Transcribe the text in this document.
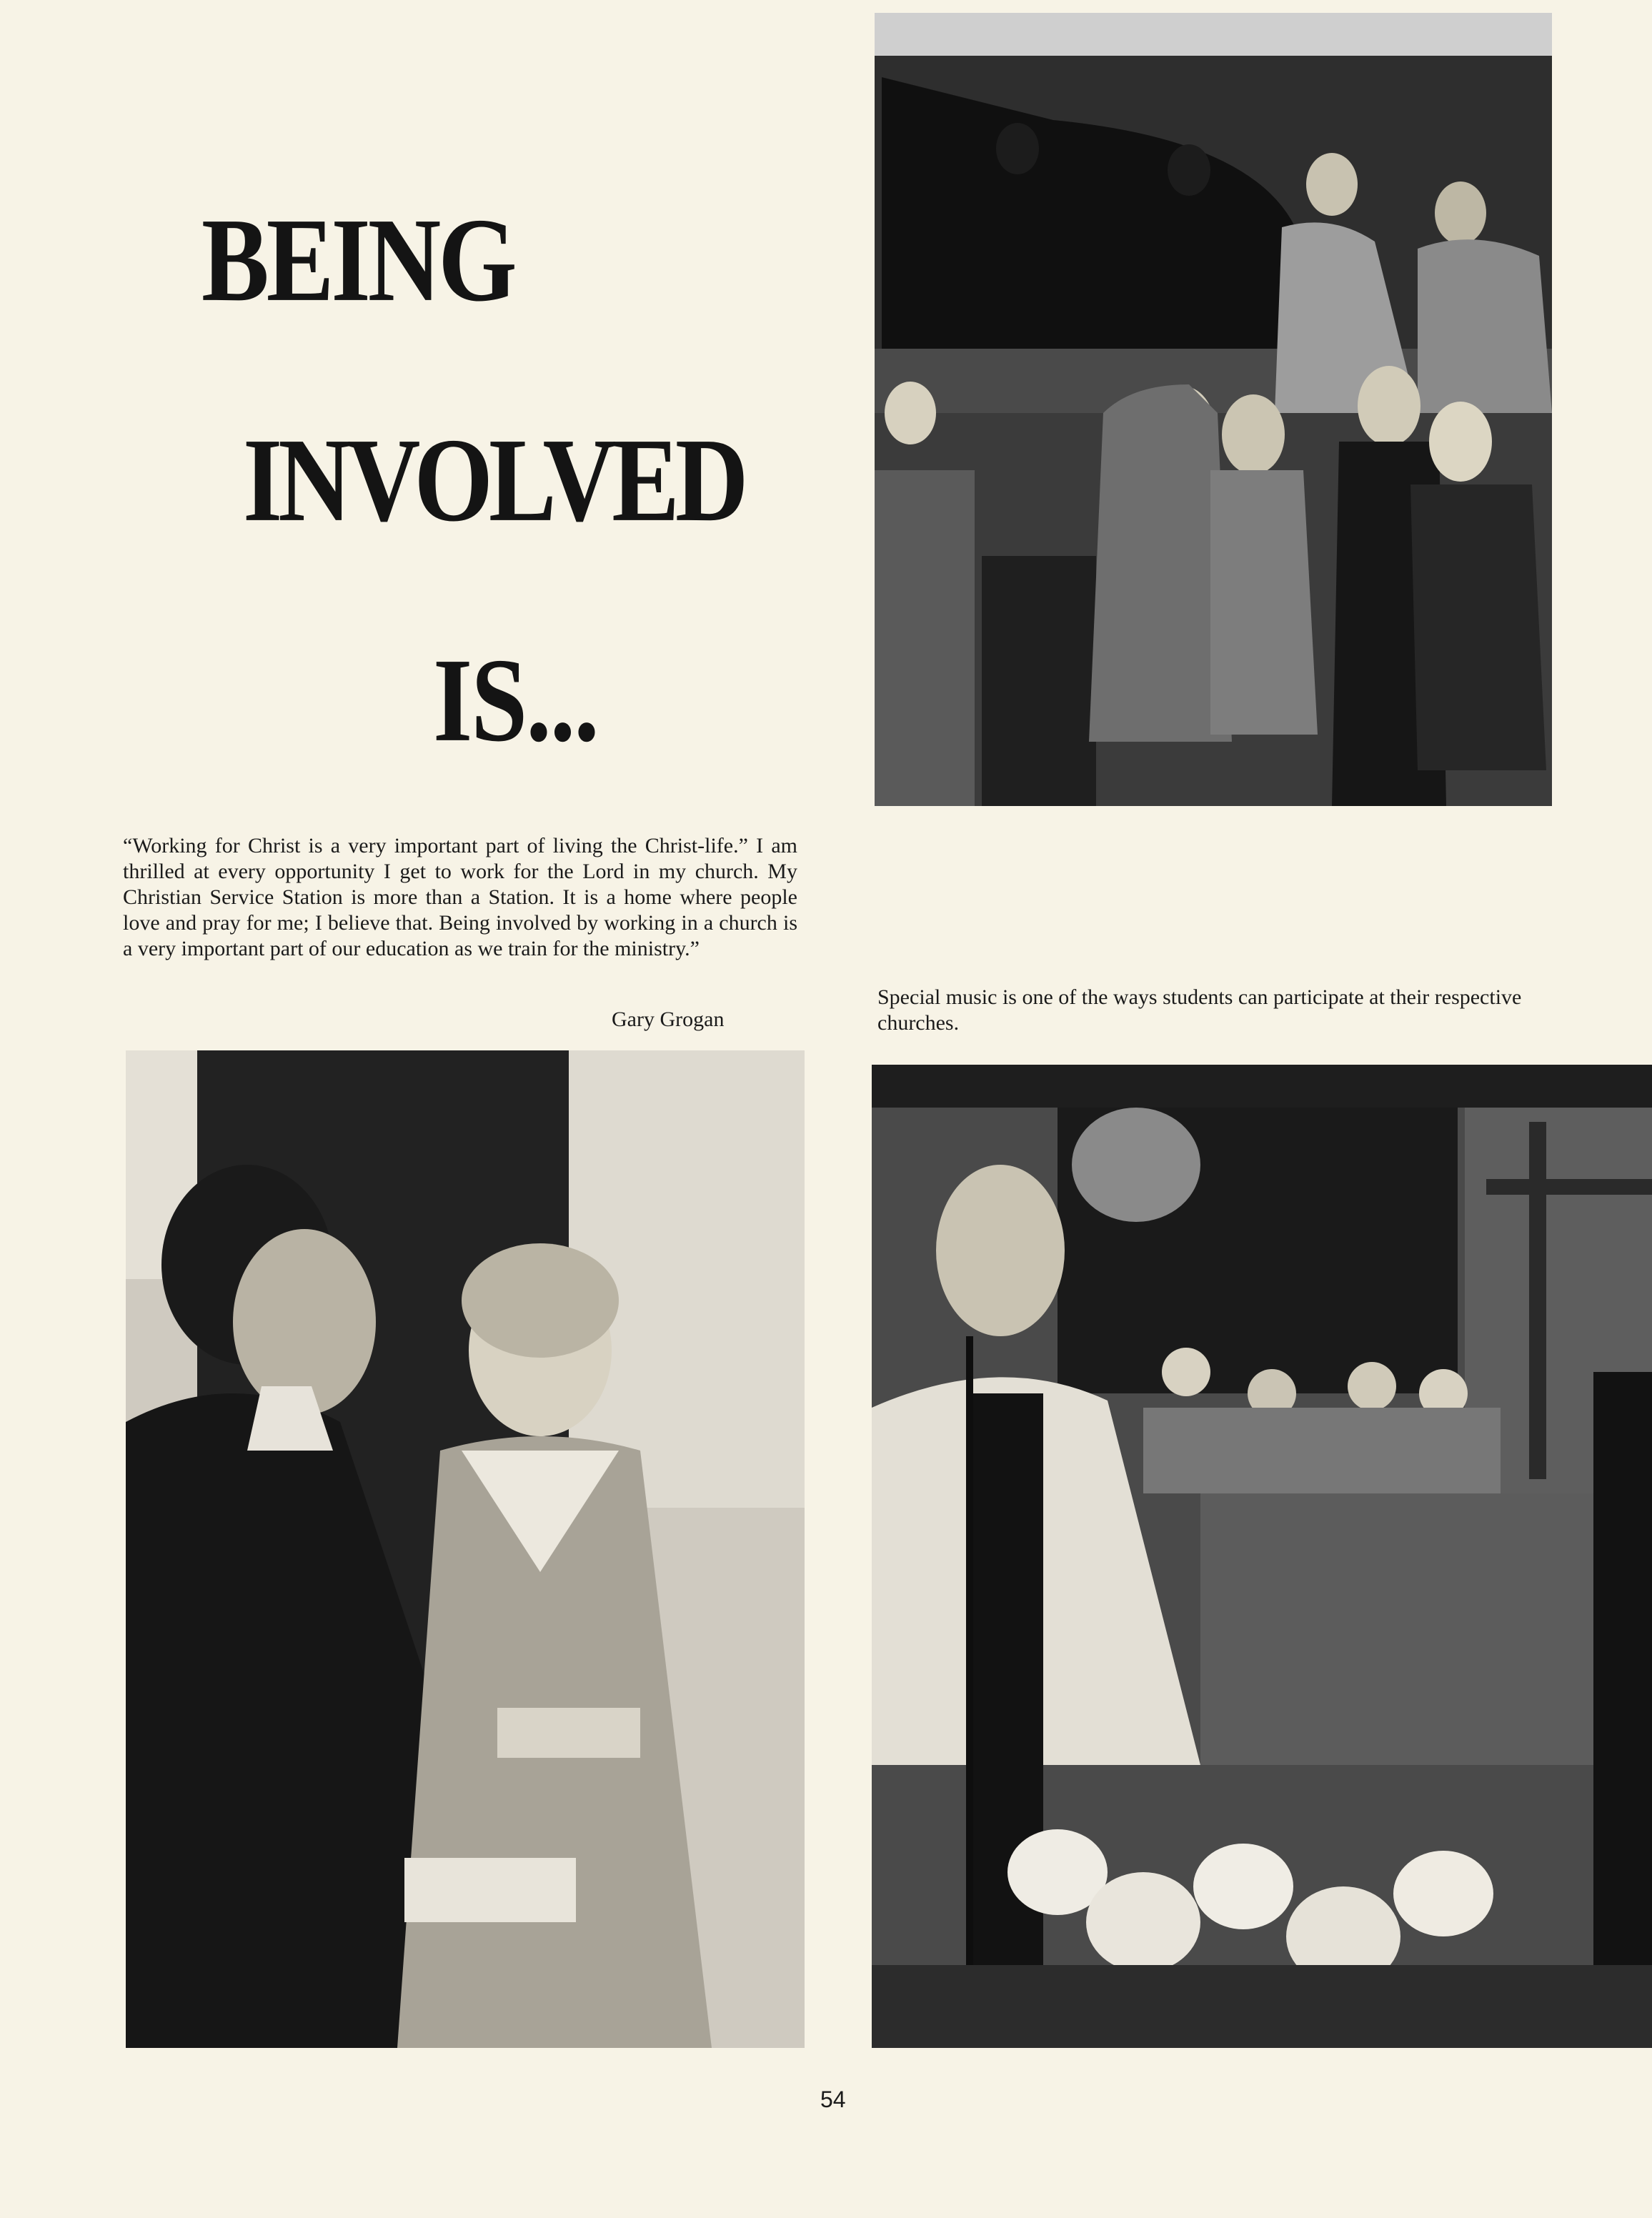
BEING
INVOLVED
IS...

“Working for Christ is a very important part of living the Christ-life.” I am thrilled at every opportunity I get to work for the Lord in my church. My Christian Service Station is more than a Station. It is a home where people love and pray for me; I believe that. Being involved by working in a church is a very important part of our education as we train for the ministry.”

Gary Grogan

Special music is one of the ways students can participate at their respective churches.

54
